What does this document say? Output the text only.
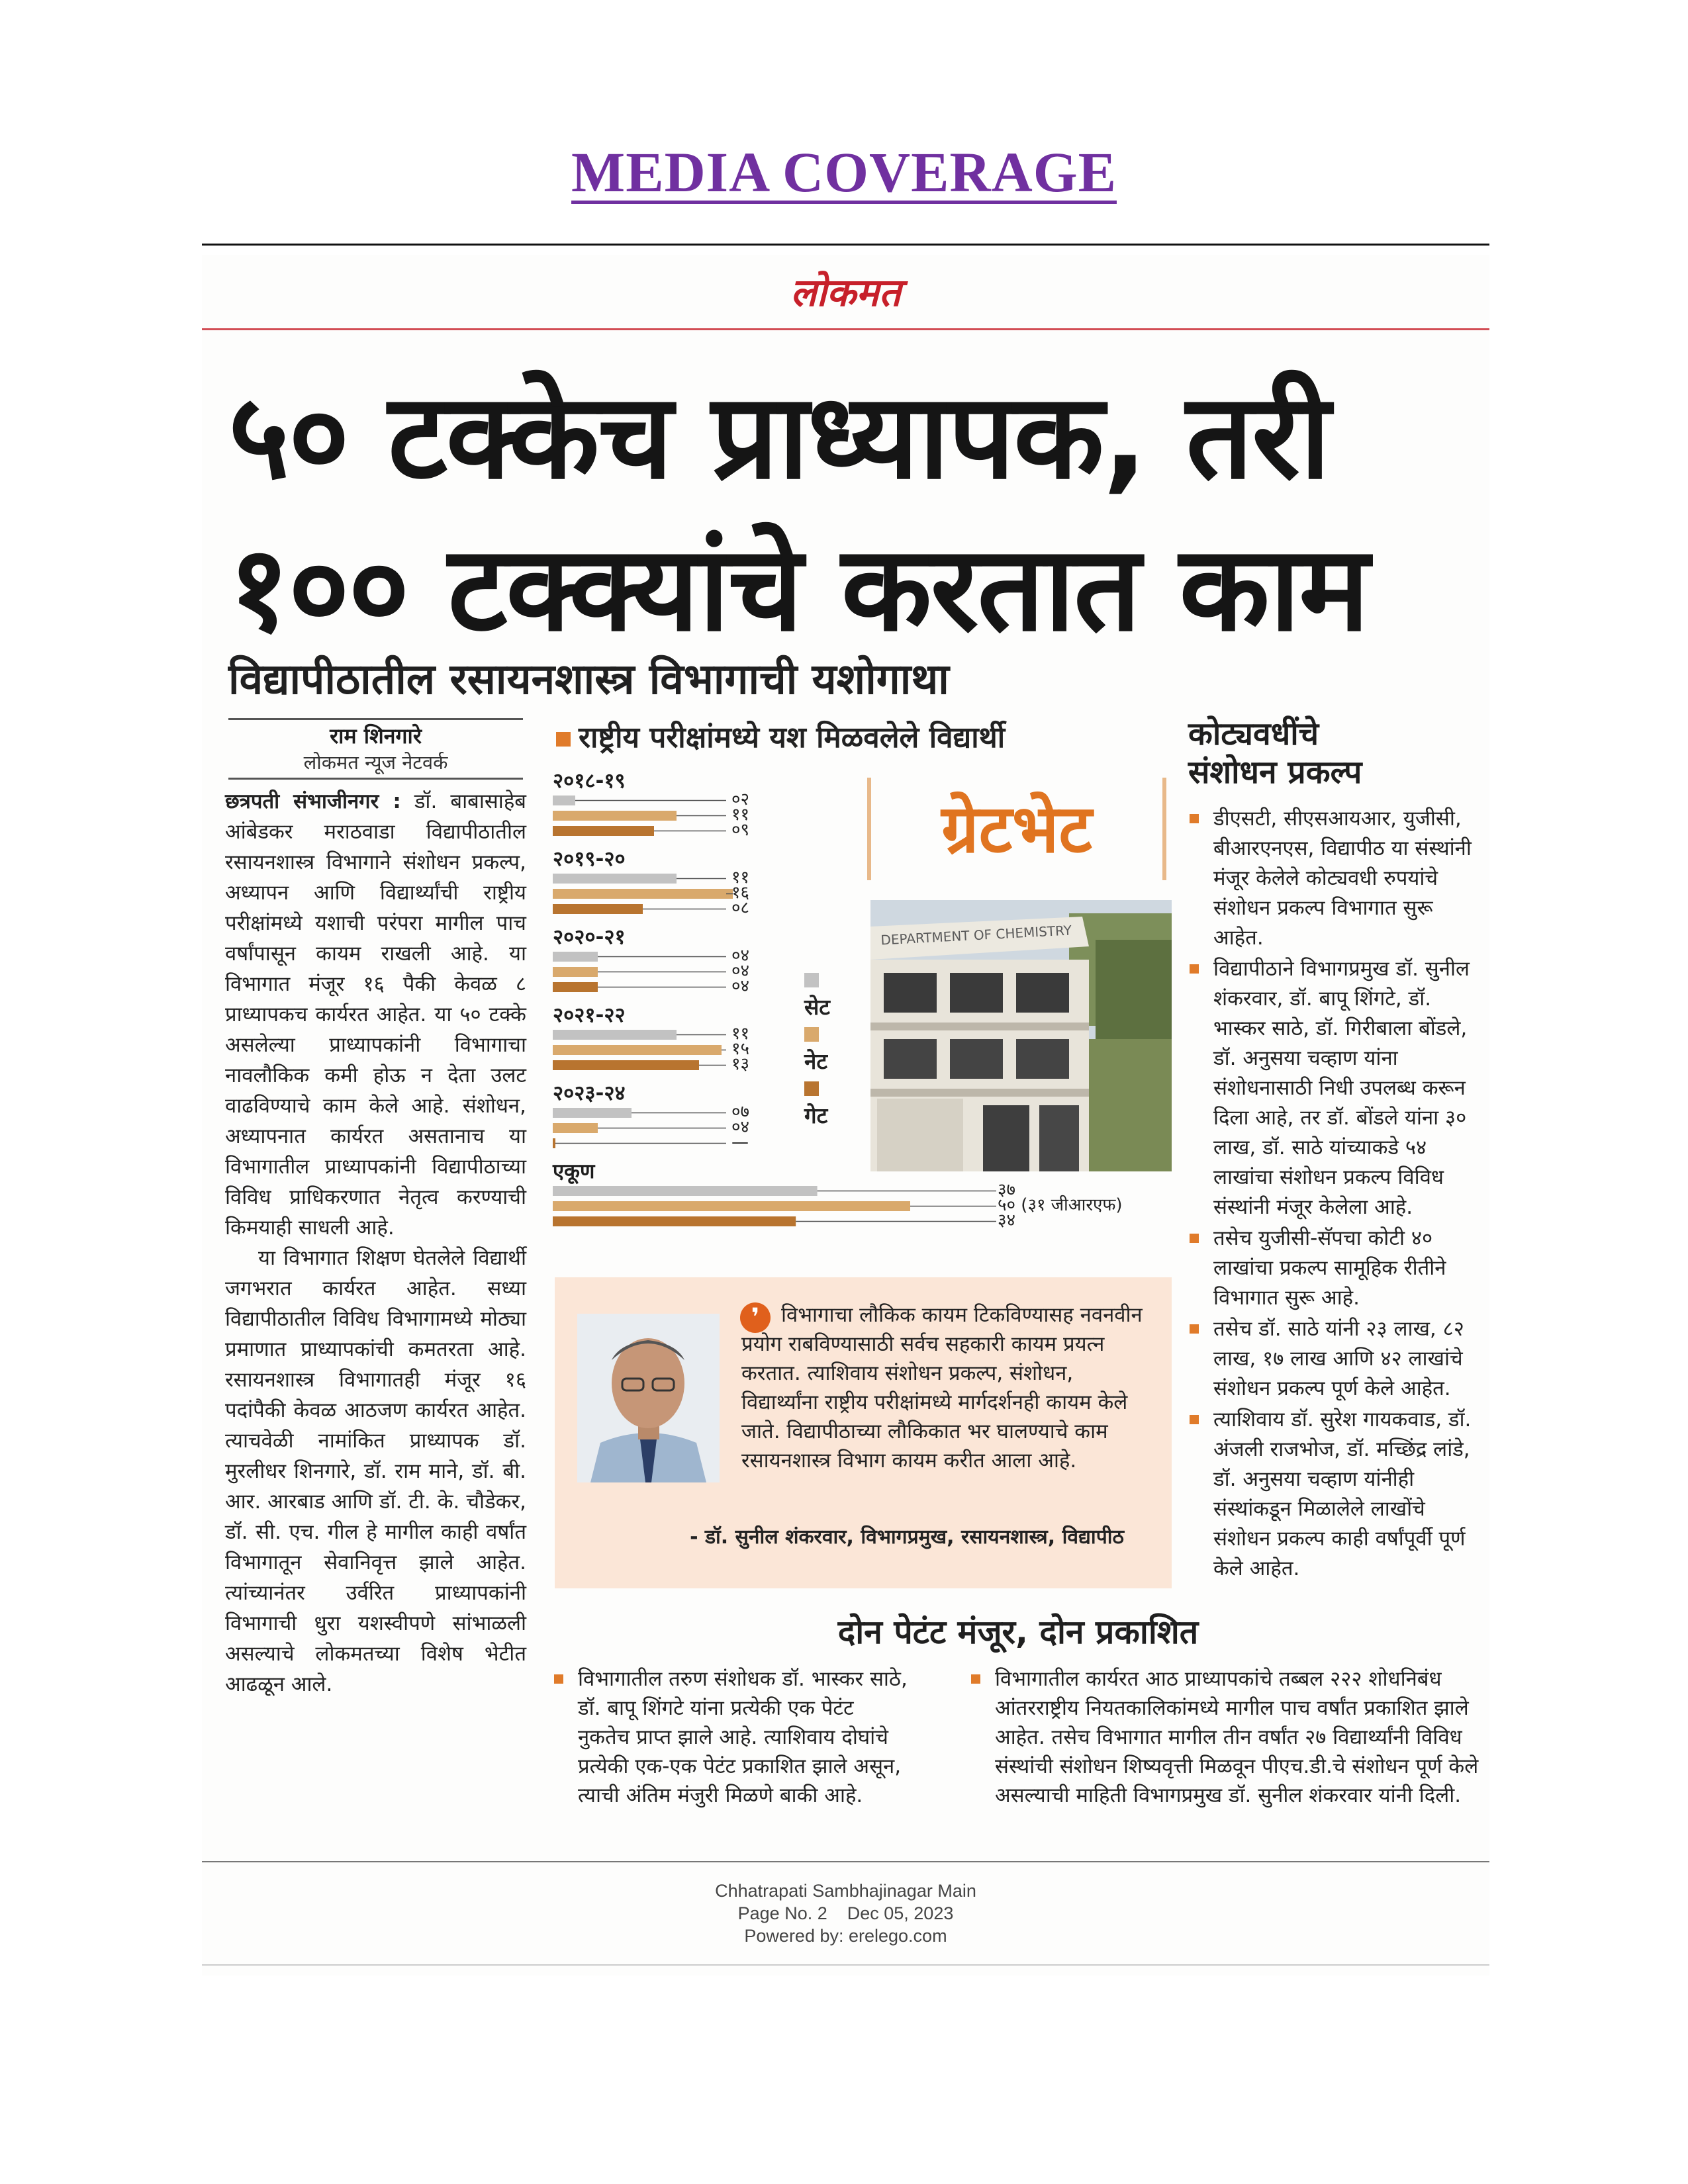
MEDIA COVERAGE
लोकमत
५० टक्केच प्राध्यापक, तरी
१०० टक्क्यांचे करतात काम
विद्यापीठातील रसायनशास्त्र विभागाची यशोगाथा
राम शिनगारे
लोकमत न्यूज नेटवर्क

छत्रपती संभाजीनगर : डॉ. बाबासाहेब आंबेडकर मराठवाडा विद्यापीठातील रसायनशास्त्र विभागाने संशोधन प्रकल्प, अध्यापन आणि विद्यार्थ्यांची राष्ट्रीय परीक्षांमध्ये यशाची परंपरा मागील पाच वर्षांपासून कायम राखली आहे. या विभागात मंजूर १६ पैकी केवळ ८ प्राध्यापकच कार्यरत आहेत. या ५० टक्के असलेल्या प्राध्यापकांनी विभागाचा नावलौकिक कमी होऊ न देता उलट वाढविण्याचे काम केले आहे. संशोधन, अध्यापनात कार्यरत असतानाच या विभागातील प्राध्यापकांनी विद्यापीठाच्या विविध प्राधिकरणात नेतृत्व करण्याची किमयाही साधली आहे.

या विभागात शिक्षण घेतलेले विद्यार्थी जगभरात कार्यरत आहेत. सध्या विद्यापीठातील विविध विभागामध्ये मोठ्या प्रमाणात प्राध्यापकांची कमतरता आहे. रसायनशास्त्र विभागातही मंजूर १६ पदांपैकी केवळ आठजण कार्यरत आहेत. त्याचवेळी नामांकित प्राध्यापक डॉ. मुरलीधर शिनगारे, डॉ. राम माने, डॉ. बी. आर. आरबाड आणि डॉ. टी. के. चौडेकर, डॉ. सी. एच. गील हे मागील काही वर्षांत विभागातून सेवानिवृत्त झाले आहेत. त्यांच्यानंतर उर्वरित प्राध्यापकांनी विभागाची धुरा यशस्वीपणे सांभाळली असल्याचे लोकमतच्या विशेष भेटीत आढळून आले.

राष्ट्रीय परीक्षांमध्ये यश मिळवलेले विद्यार्थी
२०१८-१९
०२
११
०९
२०१९-२०
११
१६
०८
२०२०-२१
०४
०४
०४
२०२१-२२
११
१५
१३
२०२३-२४
०७
०४
—
एकूण
३७
५० (३१ जीआरएफ)
३४
ग्रेटभेट
सेट
नेट
गेट
DEPARTMENT OF CHEMISTRY
कोट्यवधींचे
संशोधन प्रकल्प
डीएसटी, सीएसआयआर, युजीसी, बीआरएनएस, विद्यापीठ या संस्थांनी मंजूर केलेले कोट्यवधी रुपयांचे संशोधन प्रकल्प विभागात सुरू आहेत.
विद्यापीठाने विभागप्रमुख डॉ. सुनील शंकरवार, डॉ. बापू शिंगटे, डॉ. भास्कर साठे, डॉ. गिरीबाला बोंडले, डॉ. अनुसया चव्हाण यांना संशोधनासाठी निधी उपलब्ध करून दिला आहे, तर डॉ. बोंडले यांना ३० लाख, डॉ. साठे यांच्याकडे ५४ लाखांचा संशोधन प्रकल्प विविध संस्थांनी मंजूर केलेला आहे.
तसेच युजीसी-सॅपचा कोटी ४० लाखांचा प्रकल्प सामूहिक रीतीने विभागात सुरू आहे.
तसेच डॉ. साठे यांनी २३ लाख, ८२ लाख, १७ लाख आणि ४२ लाखांचे संशोधन प्रकल्प पूर्ण केले आहेत.
त्याशिवाय डॉ. सुरेश गायकवाड, डॉ. अंजली राजभोज, डॉ. मच्छिंद्र लांडे, डॉ. अनुसया चव्हाण यांनीही संस्थांकडून मिळालेले लाखोंचे संशोधन प्रकल्प काही वर्षांपूर्वी पूर्ण केले आहेत.
❜	विभागाचा लौकिक कायम टिकविण्यासह नवनवीन प्रयोग राबविण्यासाठी सर्वच सहकारी कायम प्रयत्न करतात. त्याशिवाय संशोधन प्रकल्प, संशोधन, विद्यार्थ्यांना राष्ट्रीय परीक्षांमध्ये मार्गदर्शनही कायम केले जाते. विद्यापीठाच्या लौकिकात भर घालण्याचे काम रसायनशास्त्र विभाग कायम करीत आला आहे.
- डॉ. सुनील शंकरवार, विभागप्रमुख, रसायनशास्त्र, विद्यापीठ
दोन पेटंट मंजूर, दोन प्रकाशित
विभागातील तरुण संशोधक डॉ. भास्कर साठे, डॉ. बापू शिंगटे यांना प्रत्येकी एक पेटंट नुकतेच प्राप्त झाले आहे. त्याशिवाय दोघांचे प्रत्येकी एक-एक पेटंट प्रकाशित झाले असून, त्याची अंतिम मंजुरी मिळणे बाकी आहे.
विभागातील कार्यरत आठ प्राध्यापकांचे तब्बल २२२ शोधनिबंध आंतरराष्ट्रीय नियतकालिकांमध्ये मागील पाच वर्षांत प्रकाशित झाले आहेत. तसेच विभागात मागील तीन वर्षांत २७ विद्यार्थ्यांनी विविध संस्थांची संशोधन शिष्यवृत्ती मिळवून पीएच.डी.चे संशोधन पूर्ण केले असल्याची माहिती विभागप्रमुख डॉ. सुनील शंकरवार यांनी दिली.
Chhatrapati Sambhajinagar Main
Page No. 2    Dec 05, 2023
Powered by: erelego.com
